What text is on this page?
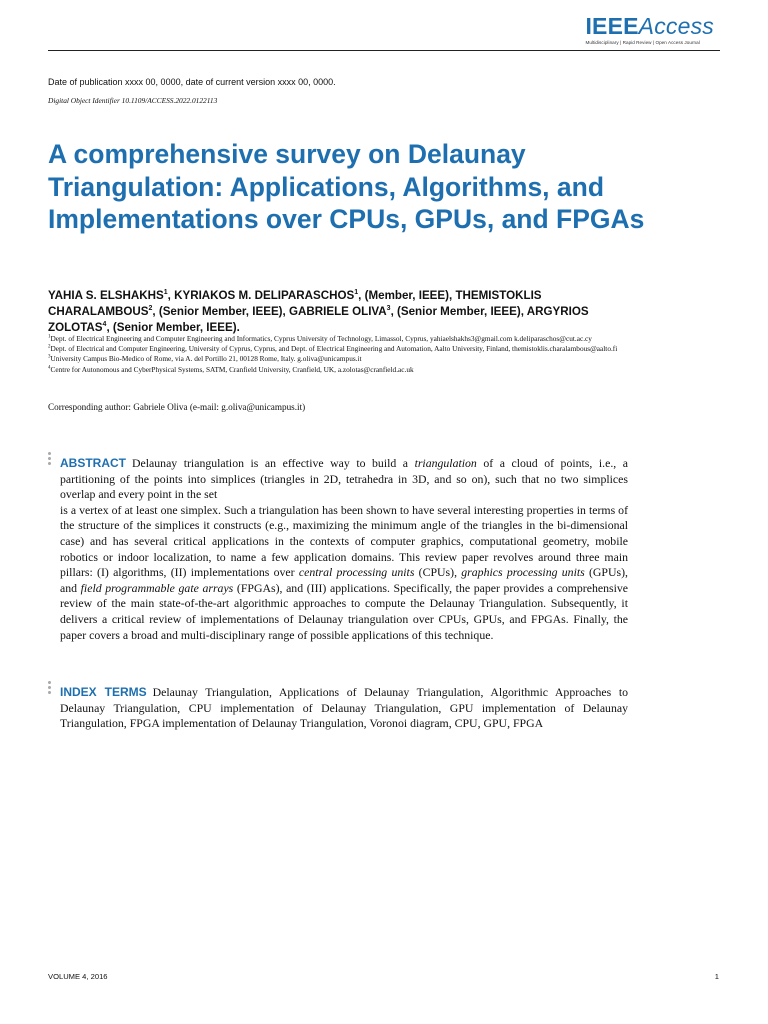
IEEEAccess
Multidisciplinary | Rapid Review | Open Access Journal
Date of publication xxxx 00, 0000, date of current version xxxx 00, 0000.
Digital Object Identifier 10.1109/ACCESS.2022.0122113
A comprehensive survey on Delaunay Triangulation: Applications, Algorithms, and Implementations over CPUs, GPUs, and FPGAs

YAHIA S. ELSHAKHS$^1$, KYRIAKOS M. DELIPARASCHOS$^1$, (Member, IEEE), THEMISTOKLIS CHARALAMBOUS$^2$, (Senior Member, IEEE), GABRIELE OLIVA$^3$, (Senior Member, IEEE), ARGYRIOS ZOLOTAS$^4$, (Senior Member, IEEE).

$^1$Dept. of Electrical Engineering and Computer Engineering and Informatics, Cyprus University of Technology, Limassol, Cyprus, yahiaelshakhs3@gmail.com k.deliparaschos@cut.ac.cy
$^2$Dept. of Electrical and Computer Engineering, University of Cyprus, Cyprus, and Dept. of Electrical Engineering and Automation, Aalto University, Finland, themistoklis.charalambous@aalto.fi
$^3$University Campus Bio-Medico of Rome, via A. del Portillo 21, 00128 Rome, Italy. g.oliva@unicampus.it
$^4$Centre for Autonomous and CyberPhysical Systems, SATM, Cranfield University, Cranfield, UK, a.zolotas@cranfield.ac.uk
Corresponding author: Gabriele Oliva (e-mail: g.oliva@unicampus.it)
ABSTRACT Delaunay triangulation is an effective way to build a triangulation of a cloud of points, i.e., a partitioning of the points into simplices (triangles in 2D, tetrahedra in 3D, and so on), such that no two simplices overlap and every point in the set
is a vertex of at least one simplex. Such a triangulation has been shown to have several interesting properties in terms of the structure of the simplices it constructs (e.g., maximizing the minimum angle of the triangles in the bi-dimensional case) and has several critical applications in the contexts of computer graphics, computational geometry, mobile robotics or indoor localization, to name a few application domains. This review paper revolves around three main pillars: (I) algorithms, (II) implementations over central processing units (CPUs), graphics processing units (GPUs), and field programmable gate arrays (FPGAs), and (III) applications. Specifically, the paper provides a comprehensive review of the main state-of-the-art algorithmic approaches to compute the Delaunay Triangulation. Subsequently, it delivers a critical review of implementations of Delaunay triangulation over CPUs, GPUs, and FPGAs. Finally, the paper covers a broad and multi-disciplinary range of possible applications of this technique.
INDEX TERMS Delaunay Triangulation, Applications of Delaunay Triangulation, Algorithmic Approaches to Delaunay Triangulation, CPU implementation of Delaunay Triangulation, GPU implementation of Delaunay Triangulation, FPGA implementation of Delaunay Triangulation, Voronoi diagram, CPU, GPU, FPGA
VOLUME 4, 2016	1
